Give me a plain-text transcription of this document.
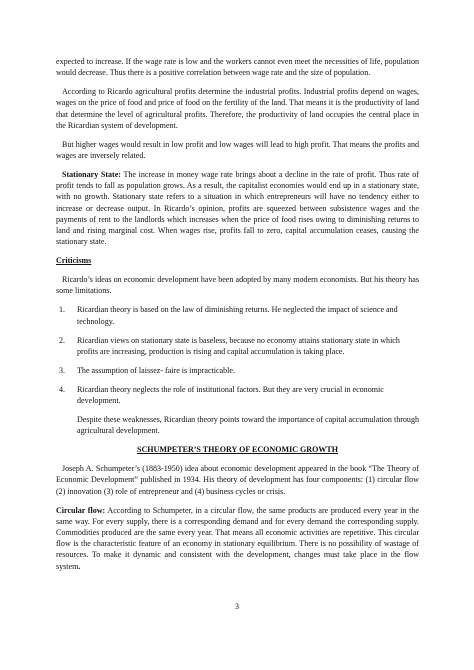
expected to increase. If the wage rate is low and the workers cannot even meet the necessities of life, population would decrease. Thus there is a positive correlation between wage rate and the size of population.

According to Ricardo agricultural profits determine the industrial profits. Industrial profits depend on wages, wages on the price of food and price of food on the fertility of the land. That means it is the productivity of land that determine the level of agricultural profits. Therefore, the productivity of land occupies the central place in the Ricardian system of development.

But higher wages would result in low profit and low wages will lead to high profit. That means the profits and wages are inversely related.

Stationary State: The increase in money wage rate brings about a decline in the rate of profit. Thus rate of profit tends to fall as population grows. As a result, the capitalist economies would end up in a stationary state, with no growth. Stationary state refers to a situation in which entrepreneurs will have no tendency either to increase or decrease output. In Ricardo’s opinion, profits are squeezed between subsistence wages and the payments of rent to the landlords which increases when the price of food rises owing to diminishing returns to land and rising marginal cost. When wages rise, profits fall to zero, capital accumulation ceases, causing the stationary state.

Criticisms

Ricardo’s ideas on economic development have been adopted by many modern economists. But his theory has some limitations.

1. Ricardian theory is based on the law of diminishing returns. He neglected the impact of science and technology.
2. Ricardian views on stationary state is baseless, because no economy attains stationary state in which profits are increasing, production is rising and capital accumulation is taking place.
3. The assumption of laissez- faire is impracticable.
4. Ricardian theory neglects the role of institutional factors. But they are very crucial in economic development.

Despite these weaknesses, Ricardian theory points toward the importance of capital accumulation through agricultural development.

SCHUMPETER’S THEORY OF ECONOMIC GROWTH

Joseph A. Schumpeter’s (1883-1950) idea about economic development appeared in the book “The Theory of Economic Development” published in 1934. His theory of development has four components: (1) circular flow (2) innovation (3) role of entrepreneur and (4) business cycles or crisis.

Circular flow: According to Schumpeter, in a circular flow, the same products are produced every year in the same way. For every supply, there is a corresponding demand and for every demand the corresponding supply. Commodities produced are the same every year. That means all economic activities are repetitive. This circular flow is the characteristic feature of an economy in stationary equilibrium. There is no possibility of wastage of resources. To make it dynamic and consistent with the development, changes must take place in the flow system.

3
